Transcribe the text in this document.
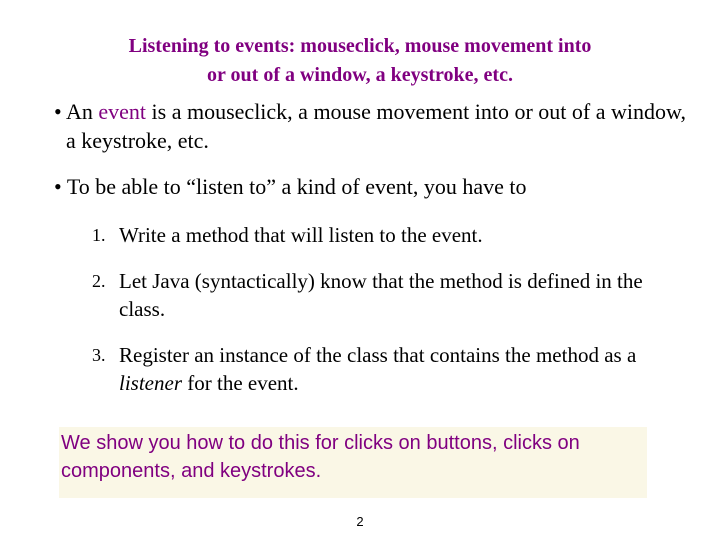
Listening to events: mouseclick, mouse movement into
or out of a window, a keystroke, etc.
• An event is a mouseclick, a mouse movement into or out of a window, a keystroke, etc.
• To be able to “listen to” a kind of event, you have to
1. Write a method that will listen to the event.
2. Let Java (syntactically) know that the method is defined in the class.
3. Register an instance of the class that contains the method as a listener for the event.
We show you how to do this for clicks on buttons, clicks on components, and keystrokes.
2
